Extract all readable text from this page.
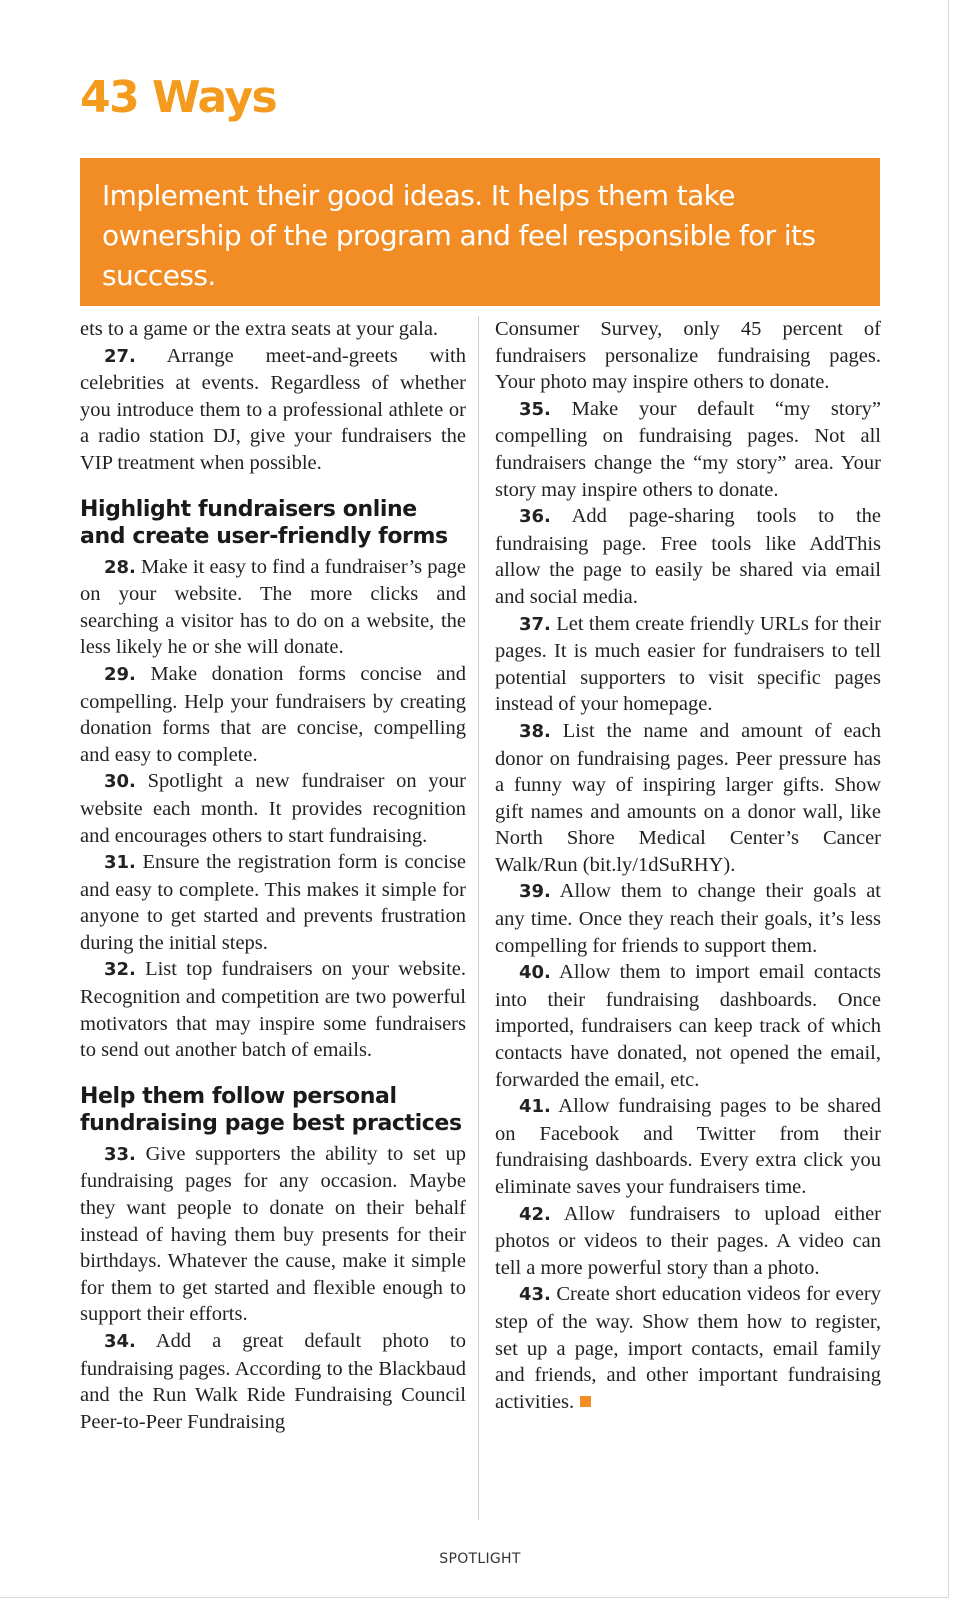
43 Ways
Implement their good ideas. It helps them take ownership of the program and feel responsible for its success.

ets to a game or the extra seats at your gala.

27. Arrange meet-and-greets with celebrities at events. Regardless of whether you introduce them to a professional athlete or a radio station DJ, give your fundraisers the VIP treatment when possible.

Highlight fundraisers online and create user-friendly forms

28. Make it easy to find a fundraiser’s page on your website. The more clicks and searching a visitor has to do on a website, the less likely he or she will donate.

29. Make donation forms concise and compelling. Help your fundraisers by creating donation forms that are concise, compelling and easy to complete.

30. Spotlight a new fundraiser on your website each month. It provides recognition and encourages others to start fundraising.

31. Ensure the registration form is concise and easy to complete. This makes it simple for anyone to get started and prevents frustration during the initial steps.

32. List top fundraisers on your website. Recognition and competition are two powerful motivators that may inspire some fundraisers to send out another batch of emails.

Help them follow personal fundraising page best practices

33. Give supporters the ability to set up fundraising pages for any occasion. Maybe they want people to donate on their behalf instead of having them buy presents for their birthdays. Whatever the cause, make it simple for them to get started and flexible enough to support their efforts.

34. Add a great default photo to fundraising pages. According to the Blackbaud and the Run Walk Ride Fundraising Council Peer-to-Peer Fundraising

Consumer Survey, only 45 percent of fundraisers personalize fundraising pages. Your photo may inspire others to donate.

35. Make your default “my story” compelling on fundraising pages. Not all fundraisers change the “my story” area. Your story may inspire others to donate.

36. Add page-sharing tools to the fundraising page. Free tools like AddThis allow the page to easily be shared via email and social media.

37. Let them create friendly URLs for their pages. It is much easier for fundraisers to tell potential supporters to visit specific pages instead of your homepage.

38. List the name and amount of each donor on fundraising pages. Peer pressure has a funny way of inspiring larger gifts. Show gift names and amounts on a donor wall, like North Shore Medical Center’s Cancer Walk/Run (bit.ly/1dSuRHY).

39. Allow them to change their goals at any time. Once they reach their goals, it’s less compelling for friends to support them.

40. Allow them to import email contacts into their fundraising dashboards. Once imported, fundraisers can keep track of which contacts have donated, not opened the email, forwarded the email, etc.

41. Allow fundraising pages to be shared on Facebook and Twitter from their fundraising dashboards. Every extra click you eliminate saves your fundraisers time.

42. Allow fundraisers to upload either photos or videos to their pages. A video can tell a more powerful story than a photo.

43. Create short education videos for every step of the way. Show them how to register, set up a page, import contacts, email family and friends, and other important fundraising activities.

SPOTLIGHT
